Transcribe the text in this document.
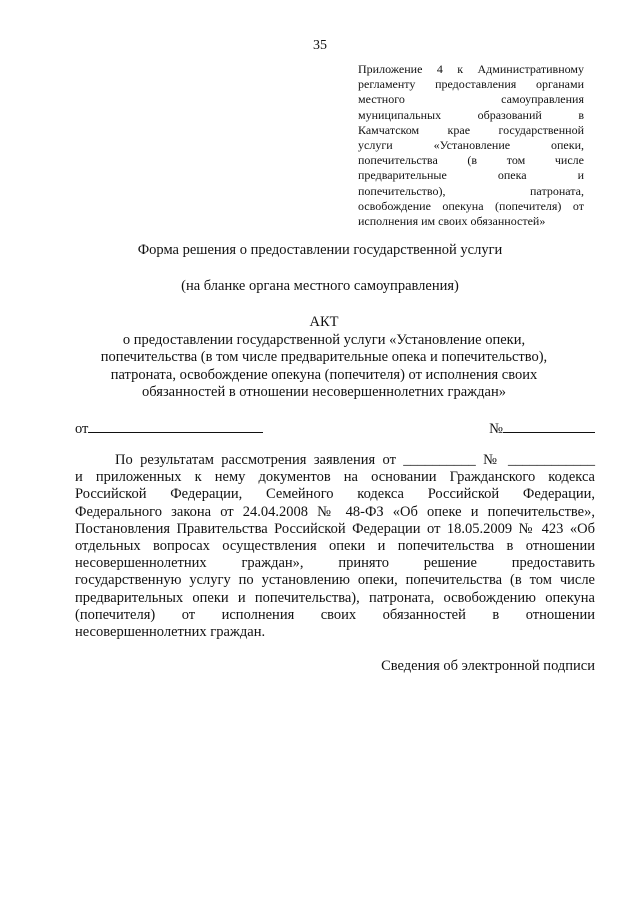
35
Приложение 4 к Административному
регламенту предоставления органами
местного самоуправления
муниципальных образований в
Камчатском крае государственной
услуги «Установление опеки,
попечительства (в том числе
предварительные опека и
попечительство), патроната,
освобождение опекуна (попечителя) от
исполнения им своих обязанностей»
Форма решения о предоставлении государственной услуги
(на бланке органа местного самоуправления)
АКТ
о предоставлении государственной услуги «Установление опеки,
попечительства (в том числе предварительные опека и попечительство),
патроната, освобождение опекуна (попечителя) от исполнения своих
обязанностей в отношении несовершеннолетних граждан»
от	№
По результатам рассмотрения заявления от __________ № ____________
и приложенных к нему документов на основании Гражданского кодекса
Российской Федерации, Семейного кодекса Российской Федерации,
Федерального закона от 24.04.2008 № 48-ФЗ «Об опеке и попечительстве»,
Постановления Правительства Российской Федерации от 18.05.2009 № 423 «Об
отдельных вопросах осуществления опеки и попечительства в отношении
несовершеннолетних граждан», принято решение предоставить
государственную услугу по установлению опеки, попечительства (в том числе
предварительных опеки и попечительства), патроната, освобождению опекуна
(попечителя) от исполнения своих обязанностей в отношении
несовершеннолетних граждан.
Сведения об электронной подписи
